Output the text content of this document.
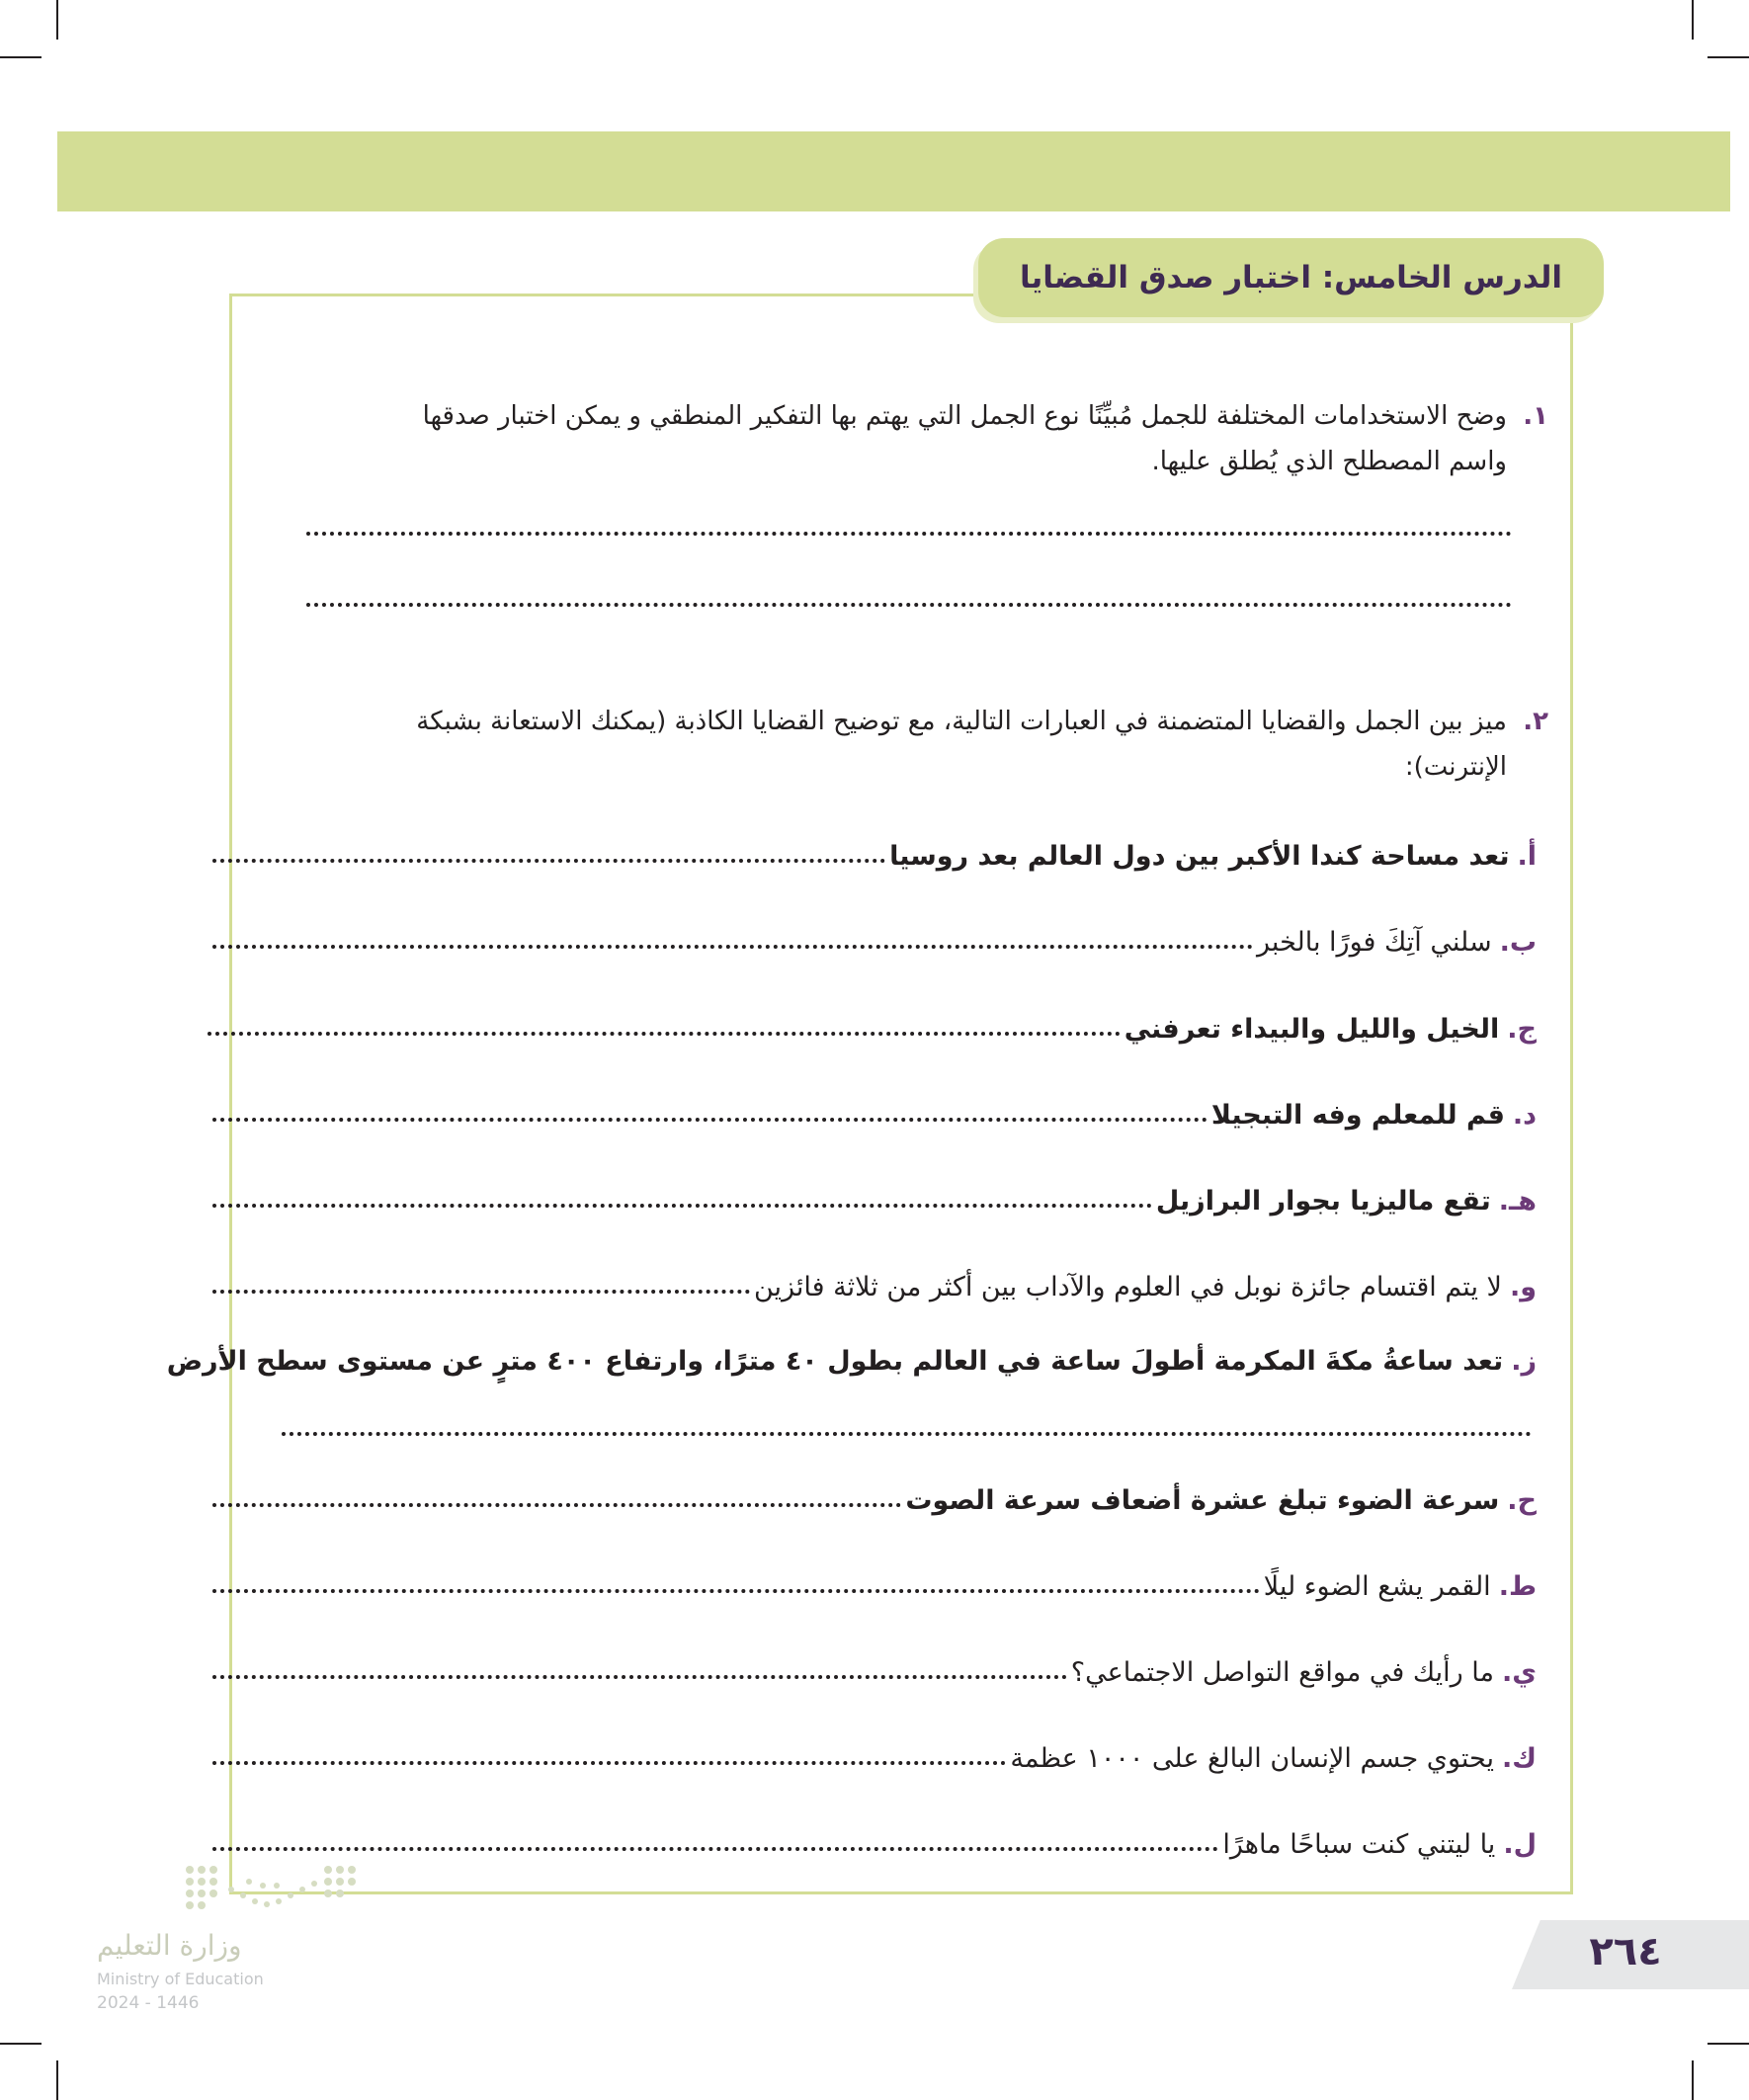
الدرس الخامس: اختبار صدق القضايا
١.
وضح الاستخدامات المختلفة للجمل مُبيِّنًا نوع الجمل التي يهتم بها التفكير المنطقي و يمكن اختبار صدقها
واسم المصطلح الذي يُطلق عليها.
٢.
ميز بين الجمل والقضايا المتضمنة في العبارات التالية، مع توضيح القضايا الكاذبة (يمكنك الاستعانة بشبكة
الإنترنت):
أ.
تعد مساحة كندا الأكبر بين دول العالم بعد روسيا
ب.
سلني آتِكَ فورًا بالخبر
ج.
الخيل والليل والبيداء تعرفني
د.
قم للمعلم وفه التبجيلا
هـ.
تقع ماليزيا بجوار البرازيل
و.
لا يتم اقتسام جائزة نوبل في العلوم والآداب بين أكثر من ثلاثة فائزين
ز.تعد ساعةُ مكةَ المكرمة أطولَ ساعة في العالم بطول ٤٠ مترًا، وارتفاع ٤٠٠ مترٍ عن مستوى سطح الأرض
ح.
سرعة الضوء تبلغ عشرة أضعاف سرعة الصوت
ط.
القمر يشع الضوء ليلًا
ي.
ما رأيك في مواقع التواصل الاجتماعي؟
ك.
يحتوي جسم الإنسان البالغ على ١٠٠٠ عظمة
ل.
يا ليتني كنت سباحًا ماهرًا
٢٦٤
وزارة التعليم
Ministry of Education
2024 - 1446
